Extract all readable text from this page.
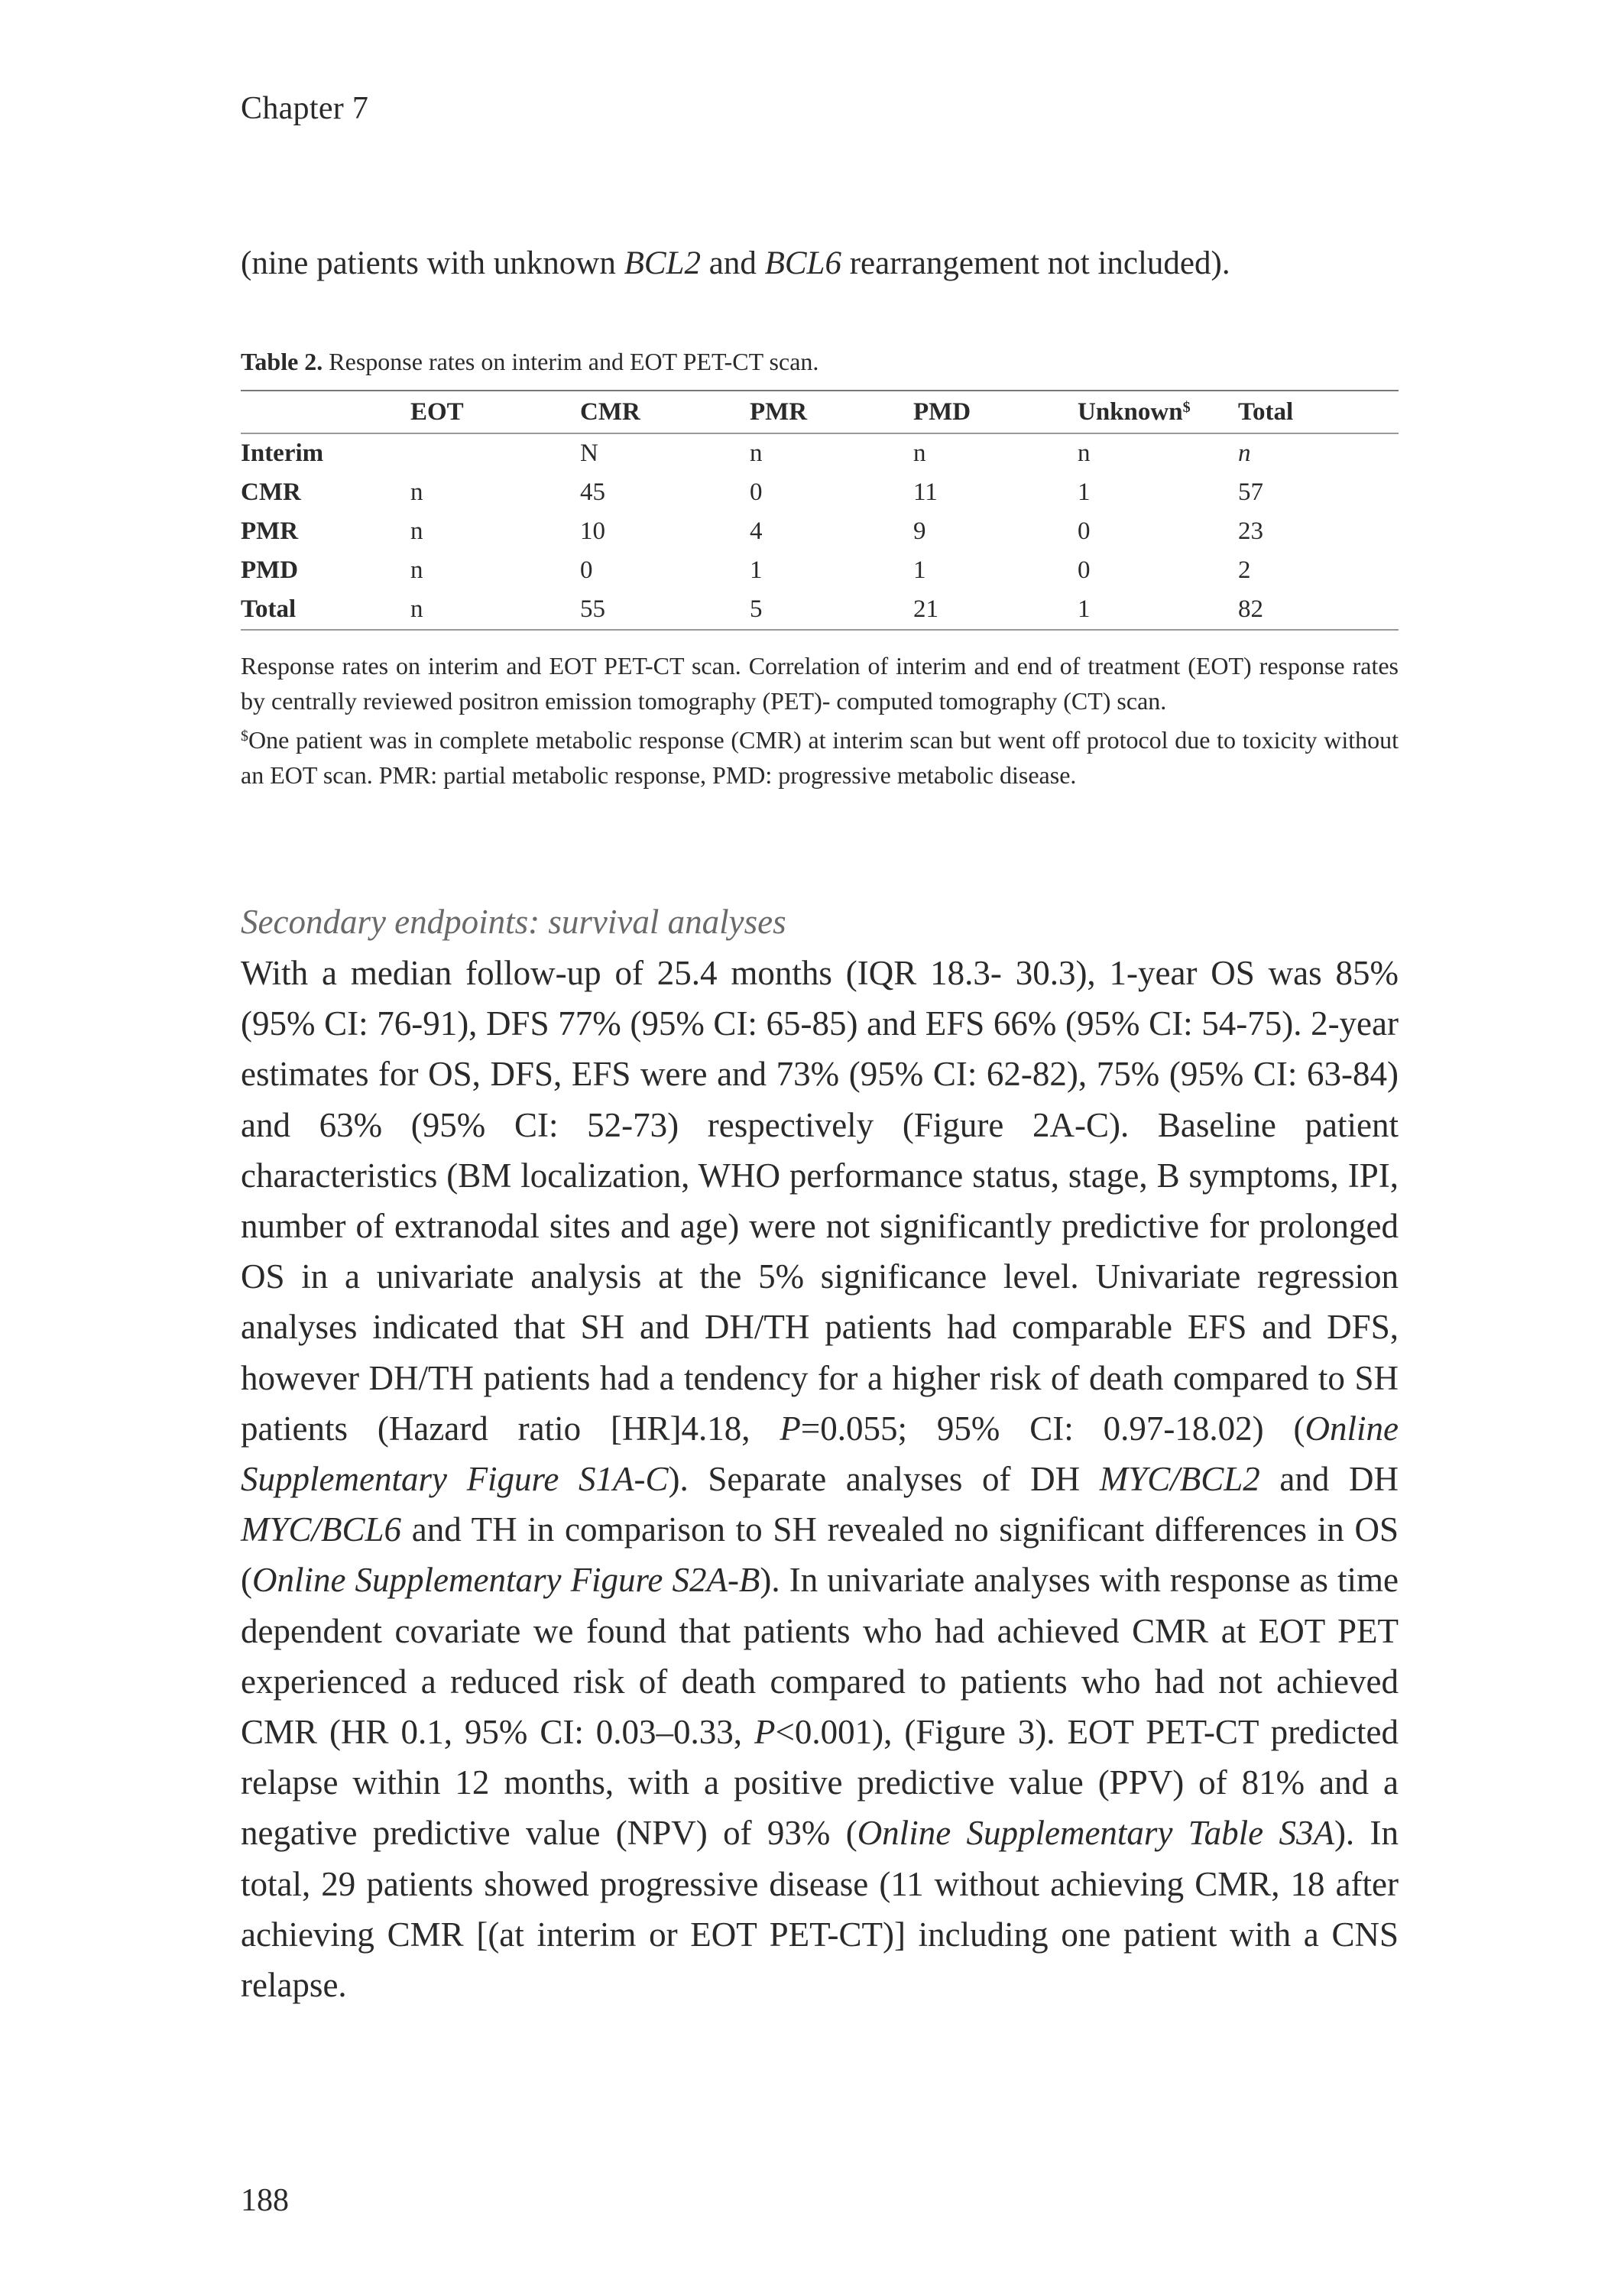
Chapter 7
(nine patients with unknown BCL2 and BCL6 rearrangement not included).
Table 2. Response rates on interim and EOT PET-CT scan.
	EOT	CMR	PMR	PMD	Unknown$	Total
Interim		N	n	n	n	n
CMR	n	45	0	11	1	57
PMR	n	10	4	9	0	23
PMD	n	0	1	1	0	2
Total	n	55	5	21	1	82

Response rates on interim and EOT PET-CT scan. Correlation of interim and end of treatment (EOT) response rates by centrally reviewed positron emission tomography (PET)- computed tomography (CT) scan.

$One patient was in complete metabolic response (CMR) at interim scan but went off protocol due to toxicity without an EOT scan. PMR: partial metabolic response, PMD: progressive metabolic disease.

Secondary endpoints: survival analyses

With a median follow-up of 25.4 months (IQR 18.3- 30.3), 1-year OS was 85% (95% CI: 76-91), DFS 77% (95% CI: 65-85) and EFS 66% (95% CI: 54-75). 2-year estimates for OS, DFS, EFS were and 73% (95% CI: 62-82), 75% (95% CI: 63-84) and 63% (95% CI: 52-73) respectively (Figure 2A-C). Baseline patient characteristics (BM localization, WHO performance status, stage, B symptoms, IPI, number of extranodal sites and age) were not significantly predictive for prolonged OS in a univariate analysis at the 5% significance level. Univariate regression analyses indicated that SH and DH/TH patients had comparable EFS and DFS, however DH/TH patients had a tendency for a higher risk of death compared to SH patients (Hazard ratio [HR]4.18, P=0.055; 95% CI: 0.97-18.02) (Online Supplementary Figure S1A-C). Separate analyses of DH MYC/BCL2 and DH MYC/BCL6 and TH in comparison to SH revealed no significant differences in OS (Online Supplementary Figure S2A-B). In univariate analyses with response as time dependent covariate we found that patients who had achieved CMR at EOT PET experienced a reduced risk of death compared to patients who had not achieved CMR (HR 0.1, 95% CI: 0.03–0.33, P<0.001), (Figure 3). EOT PET-CT predicted relapse within 12 months, with a positive predictive value (PPV) of 81% and a negative predictive value (NPV) of 93% (Online Supplementary Table S3A). In total, 29 patients showed progressive disease (11 without achieving CMR, 18 after achieving CMR [(at interim or EOT PET-CT)] including one patient with a CNS relapse.

188
